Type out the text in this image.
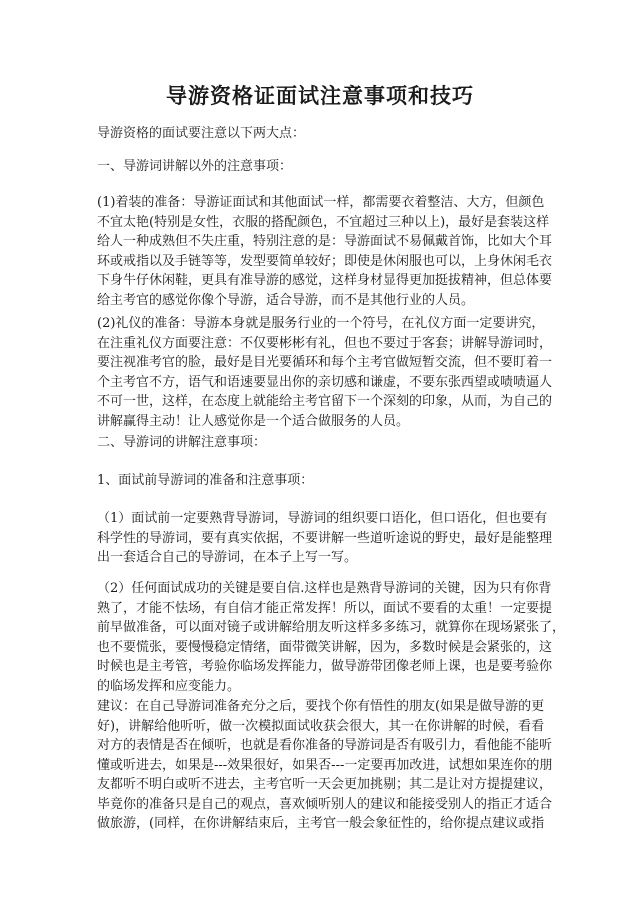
导游资格证面试注意事项和技巧

导游资格的面试要注意以下两大点：

一、导游词讲解以外的注意事项：

(1)着装的准备：导游证面试和其他面试一样，都需要衣着整洁、大方，但颜色
不宜太艳(特别是女性，衣服的搭配颜色，不宜超过三种以上)，最好是套装这样
给人一种成熟但不失庄重，特别注意的是：导游面试不易佩戴首饰，比如大个耳
环或戒指以及手链等等，发型要简单较好；即使是休闲服也可以，上身休闲毛衣
下身牛仔休闲鞋，更具有准导游的感觉，这样身材显得更加挺拔精神，但总体要
给主考官的感觉你像个导游，适合导游，而不是其他行业的人员。
(2)礼仪的准备：导游本身就是服务行业的一个符号，在礼仪方面一定要讲究，
在注重礼仪方面要注意：不仅要彬彬有礼，但也不要过于客套；讲解导游词时，
要注视准考官的脸，最好是目光要循环和每个主考官做短暂交流，但不要盯着一
个主考官不方，语气和语速要显出你的亲切感和谦虚，不要东张西望或啧啧逼人
不可一世，这样，在态度上就能给主考官留下一个深刻的印象，从而，为自己的
讲解赢得主动！让人感觉你是一个适合做服务的人员。

二、导游词的讲解注意事项：

1、面试前导游词的准备和注意事项：

（1）面试前一定要熟背导游词，导游词的组织要口语化，但口语化，但也要有
科学性的导游词，要有真实依据，不要讲解一些道听途说的野史，最好是能整理
出一套适合自己的导游词，在本子上写一写。
（2）任何面试成功的关键是要自信.这样也是熟背导游词的关键，因为只有你背
熟了，才能不怯场，有自信才能正常发挥！所以，面试不要看的太重！一定要提
前早做准备，可以面对镜子或讲解给朋友听这样多多练习，就算你在现场紧张了，
也不要慌张，要慢慢稳定情绪，面带微笑讲解，因为，多数时候是会紧张的，这
时候也是主考管，考验你临场发挥能力，做导游带团像老师上课，也是要考验你
的临场发挥和应变能力。
建议：在自己导游词准备充分之后，要找个你有悟性的朋友(如果是做导游的更
好)，讲解给他听听，做一次模拟面试收获会很大，其一在你讲解的时候，看看
对方的表情是否在倾听，也就是看你准备的导游词是否有吸引力，看他能不能听
懂或听进去，如果是---效果很好，如果否---一定要再加改进，试想如果连你的朋
友都听不明白或听不进去，主考官听一天会更加挑剔；其二是让对方提提建议，
毕竟你的准备只是自己的观点，喜欢倾听别人的建议和能接受别人的指正才适合
做旅游，(同样，在你讲解结束后，主考官一般会象征性的，给你提点建议或指
